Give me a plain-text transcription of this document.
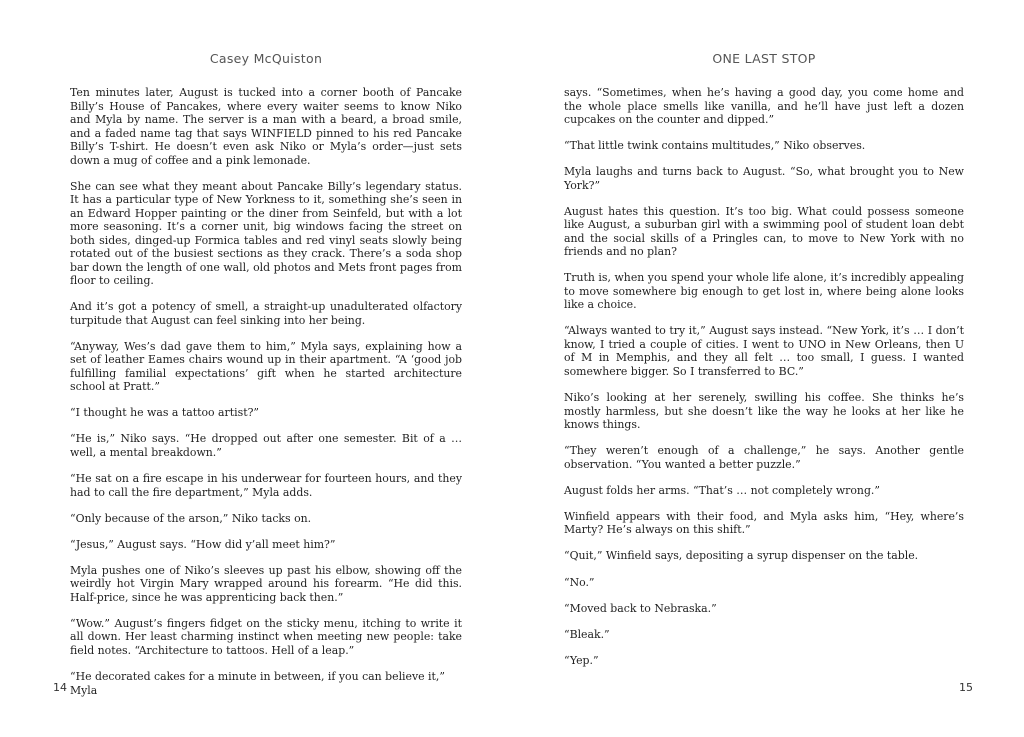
Casey McQuiston

Ten minutes later, August is tucked into a corner booth of Pancake Billy’s House of Pancakes, where every waiter seems to know Niko and Myla by name. The server is a man with a beard, a broad smile, and a faded name tag that says WINFIELD pinned to his red Pancake Billy’s T-shirt. He doesn’t even ask Niko or Myla’s order—just sets down a mug of coffee and a pink lemonade.

She can see what they meant about Pancake Billy’s legendary status. It has a particular type of New Yorkness to it, something she’s seen in an Edward Hopper painting or the diner from Seinfeld, but with a lot more seasoning. It’s a corner unit, big windows facing the street on both sides, dinged-up Formica tables and red vinyl seats slowly being rotated out of the busiest sections as they crack. There’s a soda shop bar down the length of one wall, old photos and Mets front pages from floor to ceiling.

And it’s got a potency of smell, a straight-up unadulterated olfactory turpitude that August can feel sinking into her being.

“Anyway, Wes’s dad gave them to him,” Myla says, explaining how a set of leather Eames chairs wound up in their apartment. “A ‘good job fulfilling familial expectations’ gift when he started architecture school at Pratt.”

“I thought he was a tattoo artist?”

“He is,” Niko says. “He dropped out after one semester. Bit of a … well, a mental breakdown.”

“He sat on a fire escape in his underwear for fourteen hours, and they had to call the fire department,” Myla adds.

“Only because of the arson,” Niko tacks on.

“Jesus,” August says. “How did y’all meet him?”

Myla pushes one of Niko’s sleeves up past his elbow, showing off the weirdly hot Virgin Mary wrapped around his forearm. “He did this. Half-price, since he was apprenticing back then.”

“Wow.” August’s fingers fidget on the sticky menu, itching to write it all down. Her least charming instinct when meeting new people: take field notes. “Architecture to tattoos. Hell of a leap.”

“He decorated cakes for a minute in between, if you can believe it,” Myla

14
ONE LAST STOP

says. “Sometimes, when he’s having a good day, you come home and the whole place smells like vanilla, and he’ll have just left a dozen cupcakes on the counter and dipped.”

“That little twink contains multitudes,” Niko observes.

Myla laughs and turns back to August. “So, what brought you to New York?”

August hates this question. It’s too big. What could possess someone like August, a suburban girl with a swimming pool of student loan debt and the social skills of a Pringles can, to move to New York with no friends and no plan?

Truth is, when you spend your whole life alone, it’s incredibly appealing to move somewhere big enough to get lost in, where being alone looks like a choice.

“Always wanted to try it,” August says instead. “New York, it’s … I don’t know, I tried a couple of cities. I went to UNO in New Orleans, then U of M in Memphis, and they all felt … too small, I guess. I wanted somewhere bigger. So I transferred to BC.”

Niko’s looking at her serenely, swilling his coffee. She thinks he’s mostly harmless, but she doesn’t like the way he looks at her like he knows things.

“They weren’t enough of a challenge,” he says. Another gentle observation. “You wanted a better puzzle.”

August folds her arms. “That’s … not completely wrong.”

Winfield appears with their food, and Myla asks him, “Hey, where’s Marty? He’s always on this shift.”

“Quit,” Winfield says, depositing a syrup dispenser on the table.

“No.”

“Moved back to Nebraska.”

“Bleak.”

“Yep.”

15
